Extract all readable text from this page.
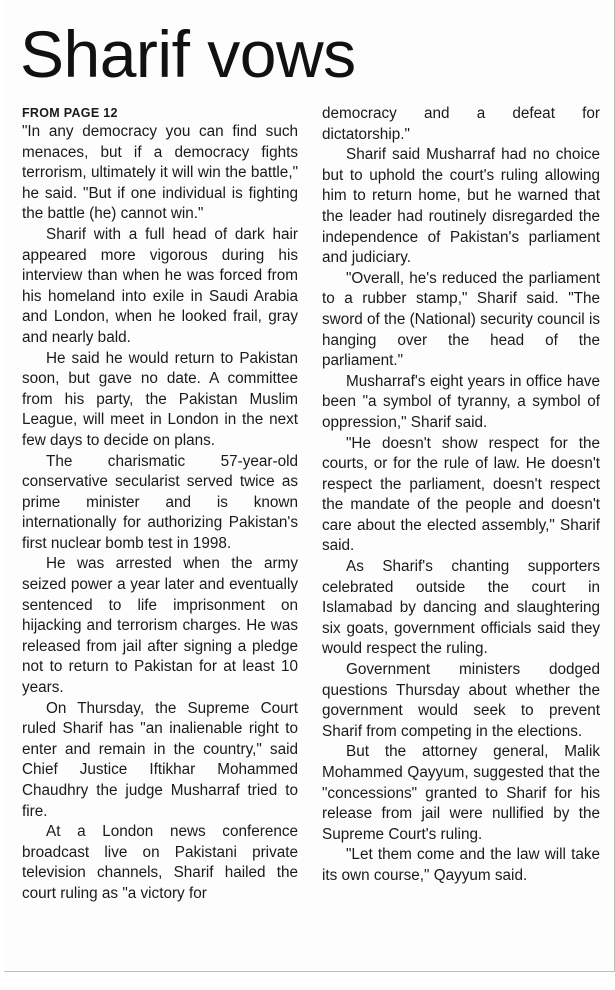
Sharif vows
FROM PAGE 12

"In any democracy you can find such menaces, but if a democracy fights terrorism, ultimately it will win the battle," he said. "But if one individual is fighting the battle (he) cannot win."

Sharif with a full head of dark hair appeared more vigorous during his interview than when he was forced from his homeland into exile in Saudi Arabia and London, when he looked frail, gray and nearly bald.

He said he would return to Pakistan soon, but gave no date. A committee from his party, the Pakistan Muslim League, will meet in London in the next few days to decide on plans.

The charismatic 57-year-old conservative secularist served twice as prime minister and is known internationally for authorizing Pakistan's first nuclear bomb test in 1998.

He was arrested when the army seized power a year later and eventually sentenced to life imprisonment on hijacking and terrorism charges. He was released from jail after signing a pledge not to return to Pakistan for at least 10 years.

On Thursday, the Supreme Court ruled Sharif has "an inalienable right to enter and remain in the country," said Chief Justice Iftikhar Mohammed Chaudhry the judge Musharraf tried to fire.

At a London news conference broadcast live on Pakistani private television channels, Sharif hailed the court ruling as "a victory for

democracy and a defeat for dictatorship."

Sharif said Musharraf had no choice but to uphold the court's ruling allowing him to return home, but he warned that the leader had routinely disregarded the independence of Pakistan's parliament and judiciary.

"Overall, he's reduced the parliament to a rubber stamp," Sharif said. "The sword of the (National) security council is hanging over the head of the parliament."

Musharraf's eight years in office have been "a symbol of tyranny, a symbol of oppression," Sharif said.

"He doesn't show respect for the courts, or for the rule of law. He doesn't respect the parliament, doesn't respect the mandate of the people and doesn't care about the elected assembly," Sharif said.

As Sharif's chanting supporters celebrated outside the court in Islamabad by dancing and slaughtering six goats, government officials said they would respect the ruling.

Government ministers dodged questions Thursday about whether the government would seek to prevent Sharif from competing in the elections.

But the attorney general, Malik Mohammed Qayyum, suggested that the "concessions" granted to Sharif for his release from jail were nullified by the Supreme Court's ruling.

"Let them come and the law will take its own course," Qayyum said.
